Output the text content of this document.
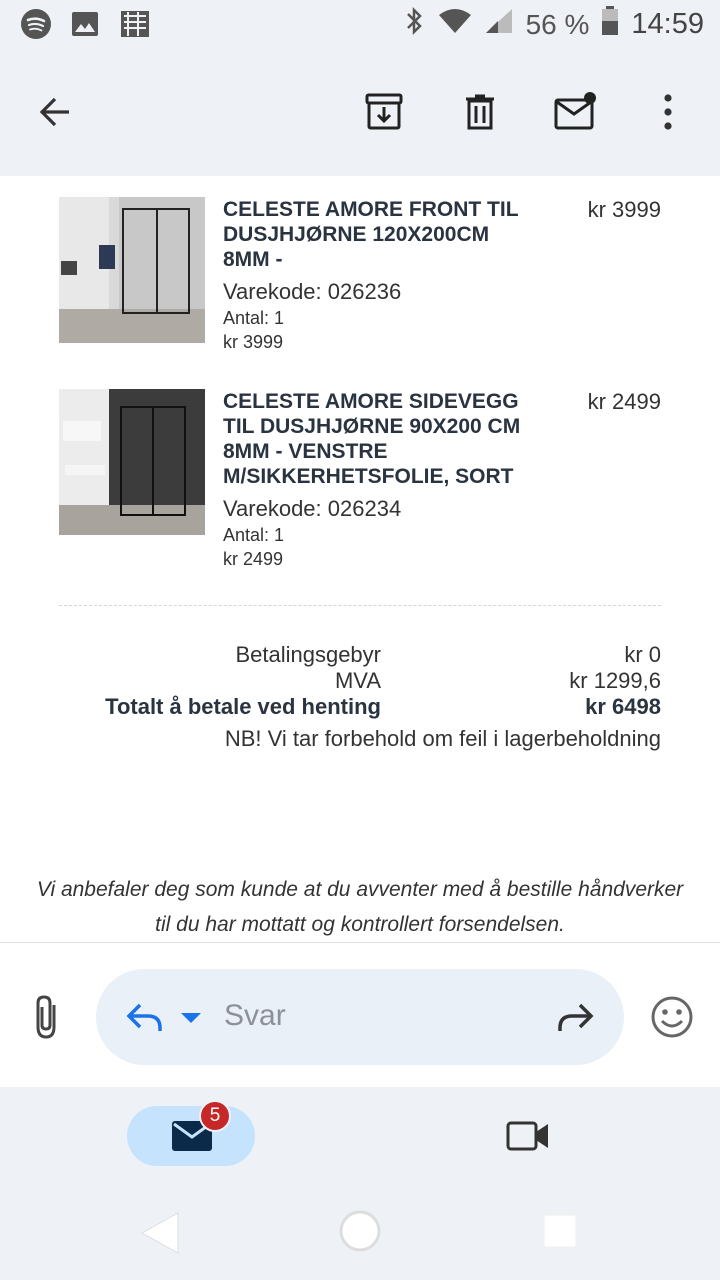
56 % 14:59
CELESTE AMORE FRONT TIL DUSJHJØRNE 120X200CM 8MM -
Varekode: 026236
Antal: 1
kr 3999
kr 3999
CELESTE AMORE SIDEVEGG TIL DUSJHJØRNE 90X200 CM 8MM - VENSTRE M/SIKKERHETSFOLIE, SORT
Varekode: 026234
Antal: 1
kr 2499
kr 2499
Betalingsgebyr	kr 0
MVA	kr 1299,6
Totalt å betale ved henting	kr 6498
NB! Vi tar forbehold om feil i lagerbeholdning
Vi anbefaler deg som kunde at du avventer med å bestille håndverker til du har mottatt og kontrollert forsendelsen.
Svar
5
